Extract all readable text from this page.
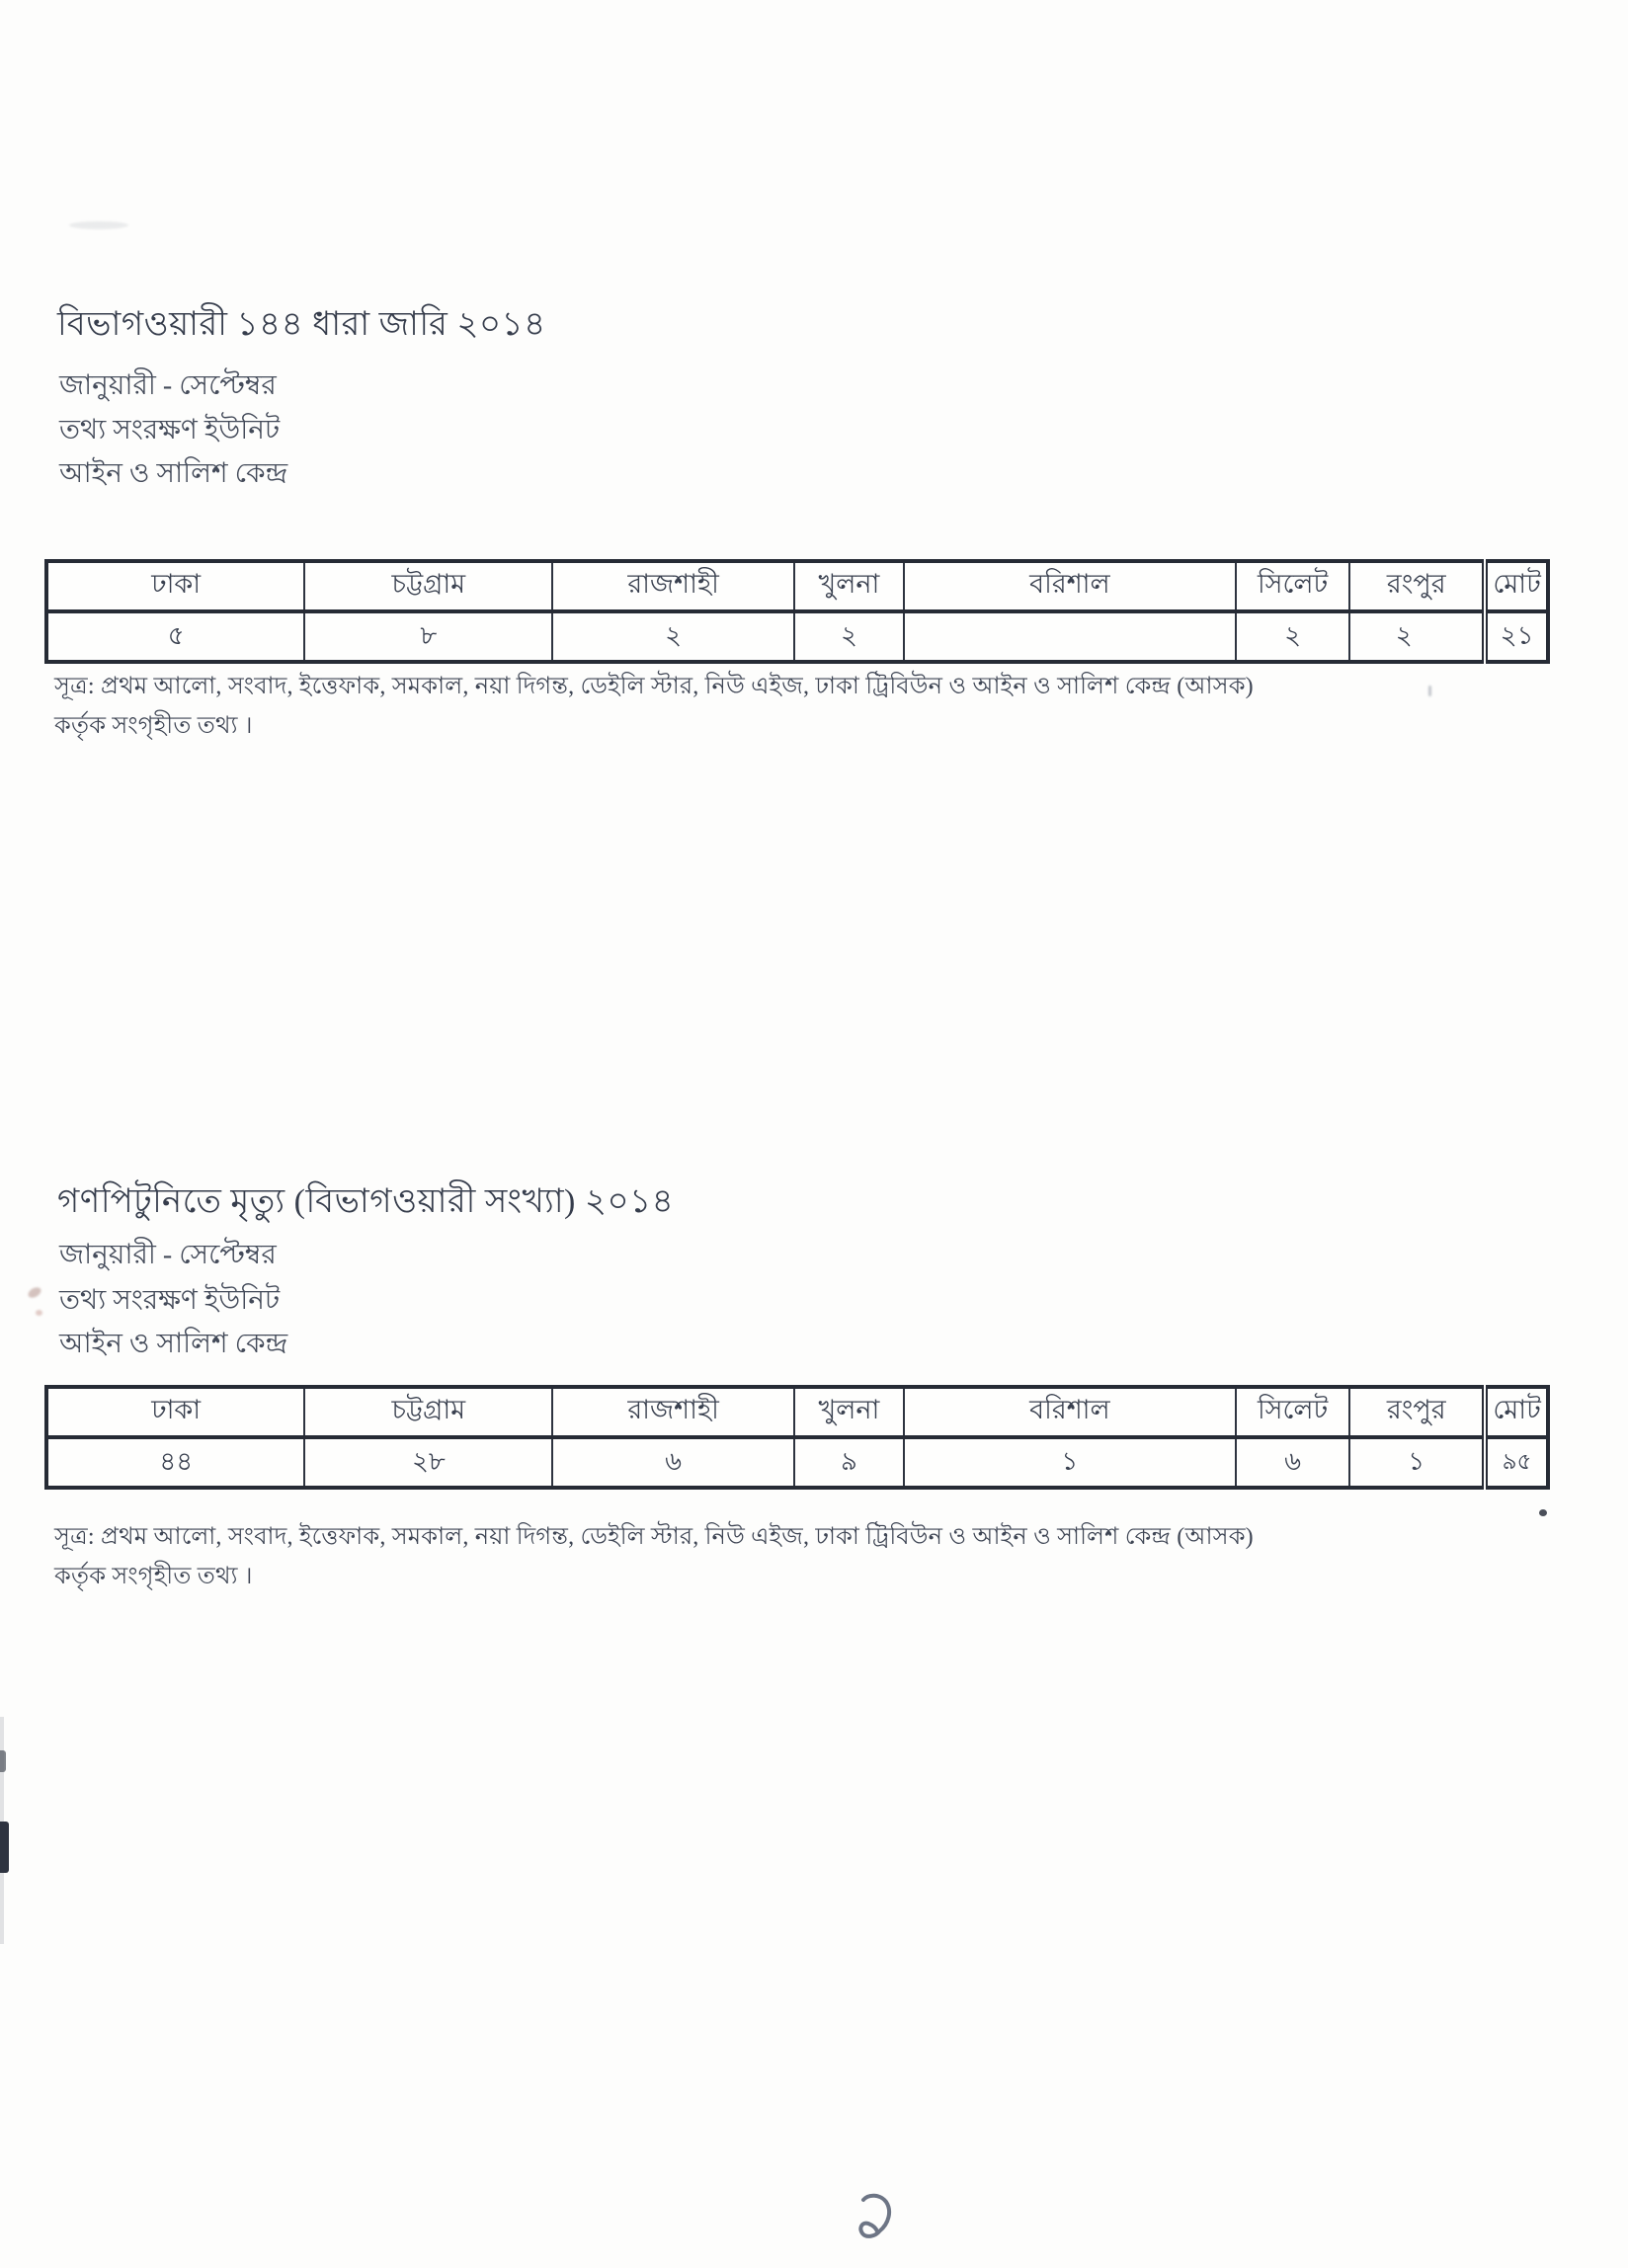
বিভাগওয়ারী ১৪৪ ধারা জারি ২০১৪
জানুয়ারী - সেপ্টেম্বর
তথ্য সংরক্ষণ ইউনিট
আইন ও সালিশ কেন্দ্র
ঢাকা	চট্টগ্রাম	রাজশাহী	খুলনা	বরিশাল	সিলেট	রংপুর	মোট
৫	৮	২	২		২	২	২১
সূত্র: প্রথম আলো, সংবাদ, ইত্তেফাক, সমকাল, নয়া দিগন্ত, ডেইলি স্টার, নিউ এইজ, ঢাকা ট্রিবিউন ও আইন ও সালিশ কেন্দ্র (আসক) কর্তৃক সংগৃহীত তথ্য ।
গণপিটুনিতে মৃত্যু (বিভাগওয়ারী সংখ্যা) ২০১৪
জানুয়ারী - সেপ্টেম্বর
তথ্য সংরক্ষণ ইউনিট
আইন ও সালিশ কেন্দ্র
ঢাকা	চট্টগ্রাম	রাজশাহী	খুলনা	বরিশাল	সিলেট	রংপুর	মোট
৪৪	২৮	৬	৯	১	৬	১	৯৫
সূত্র: প্রথম আলো, সংবাদ, ইত্তেফাক, সমকাল, নয়া দিগন্ত, ডেইলি স্টার, নিউ এইজ, ঢাকা ট্রিবিউন ও আইন ও সালিশ কেন্দ্র (আসক) কর্তৃক সংগৃহীত তথ্য ।
